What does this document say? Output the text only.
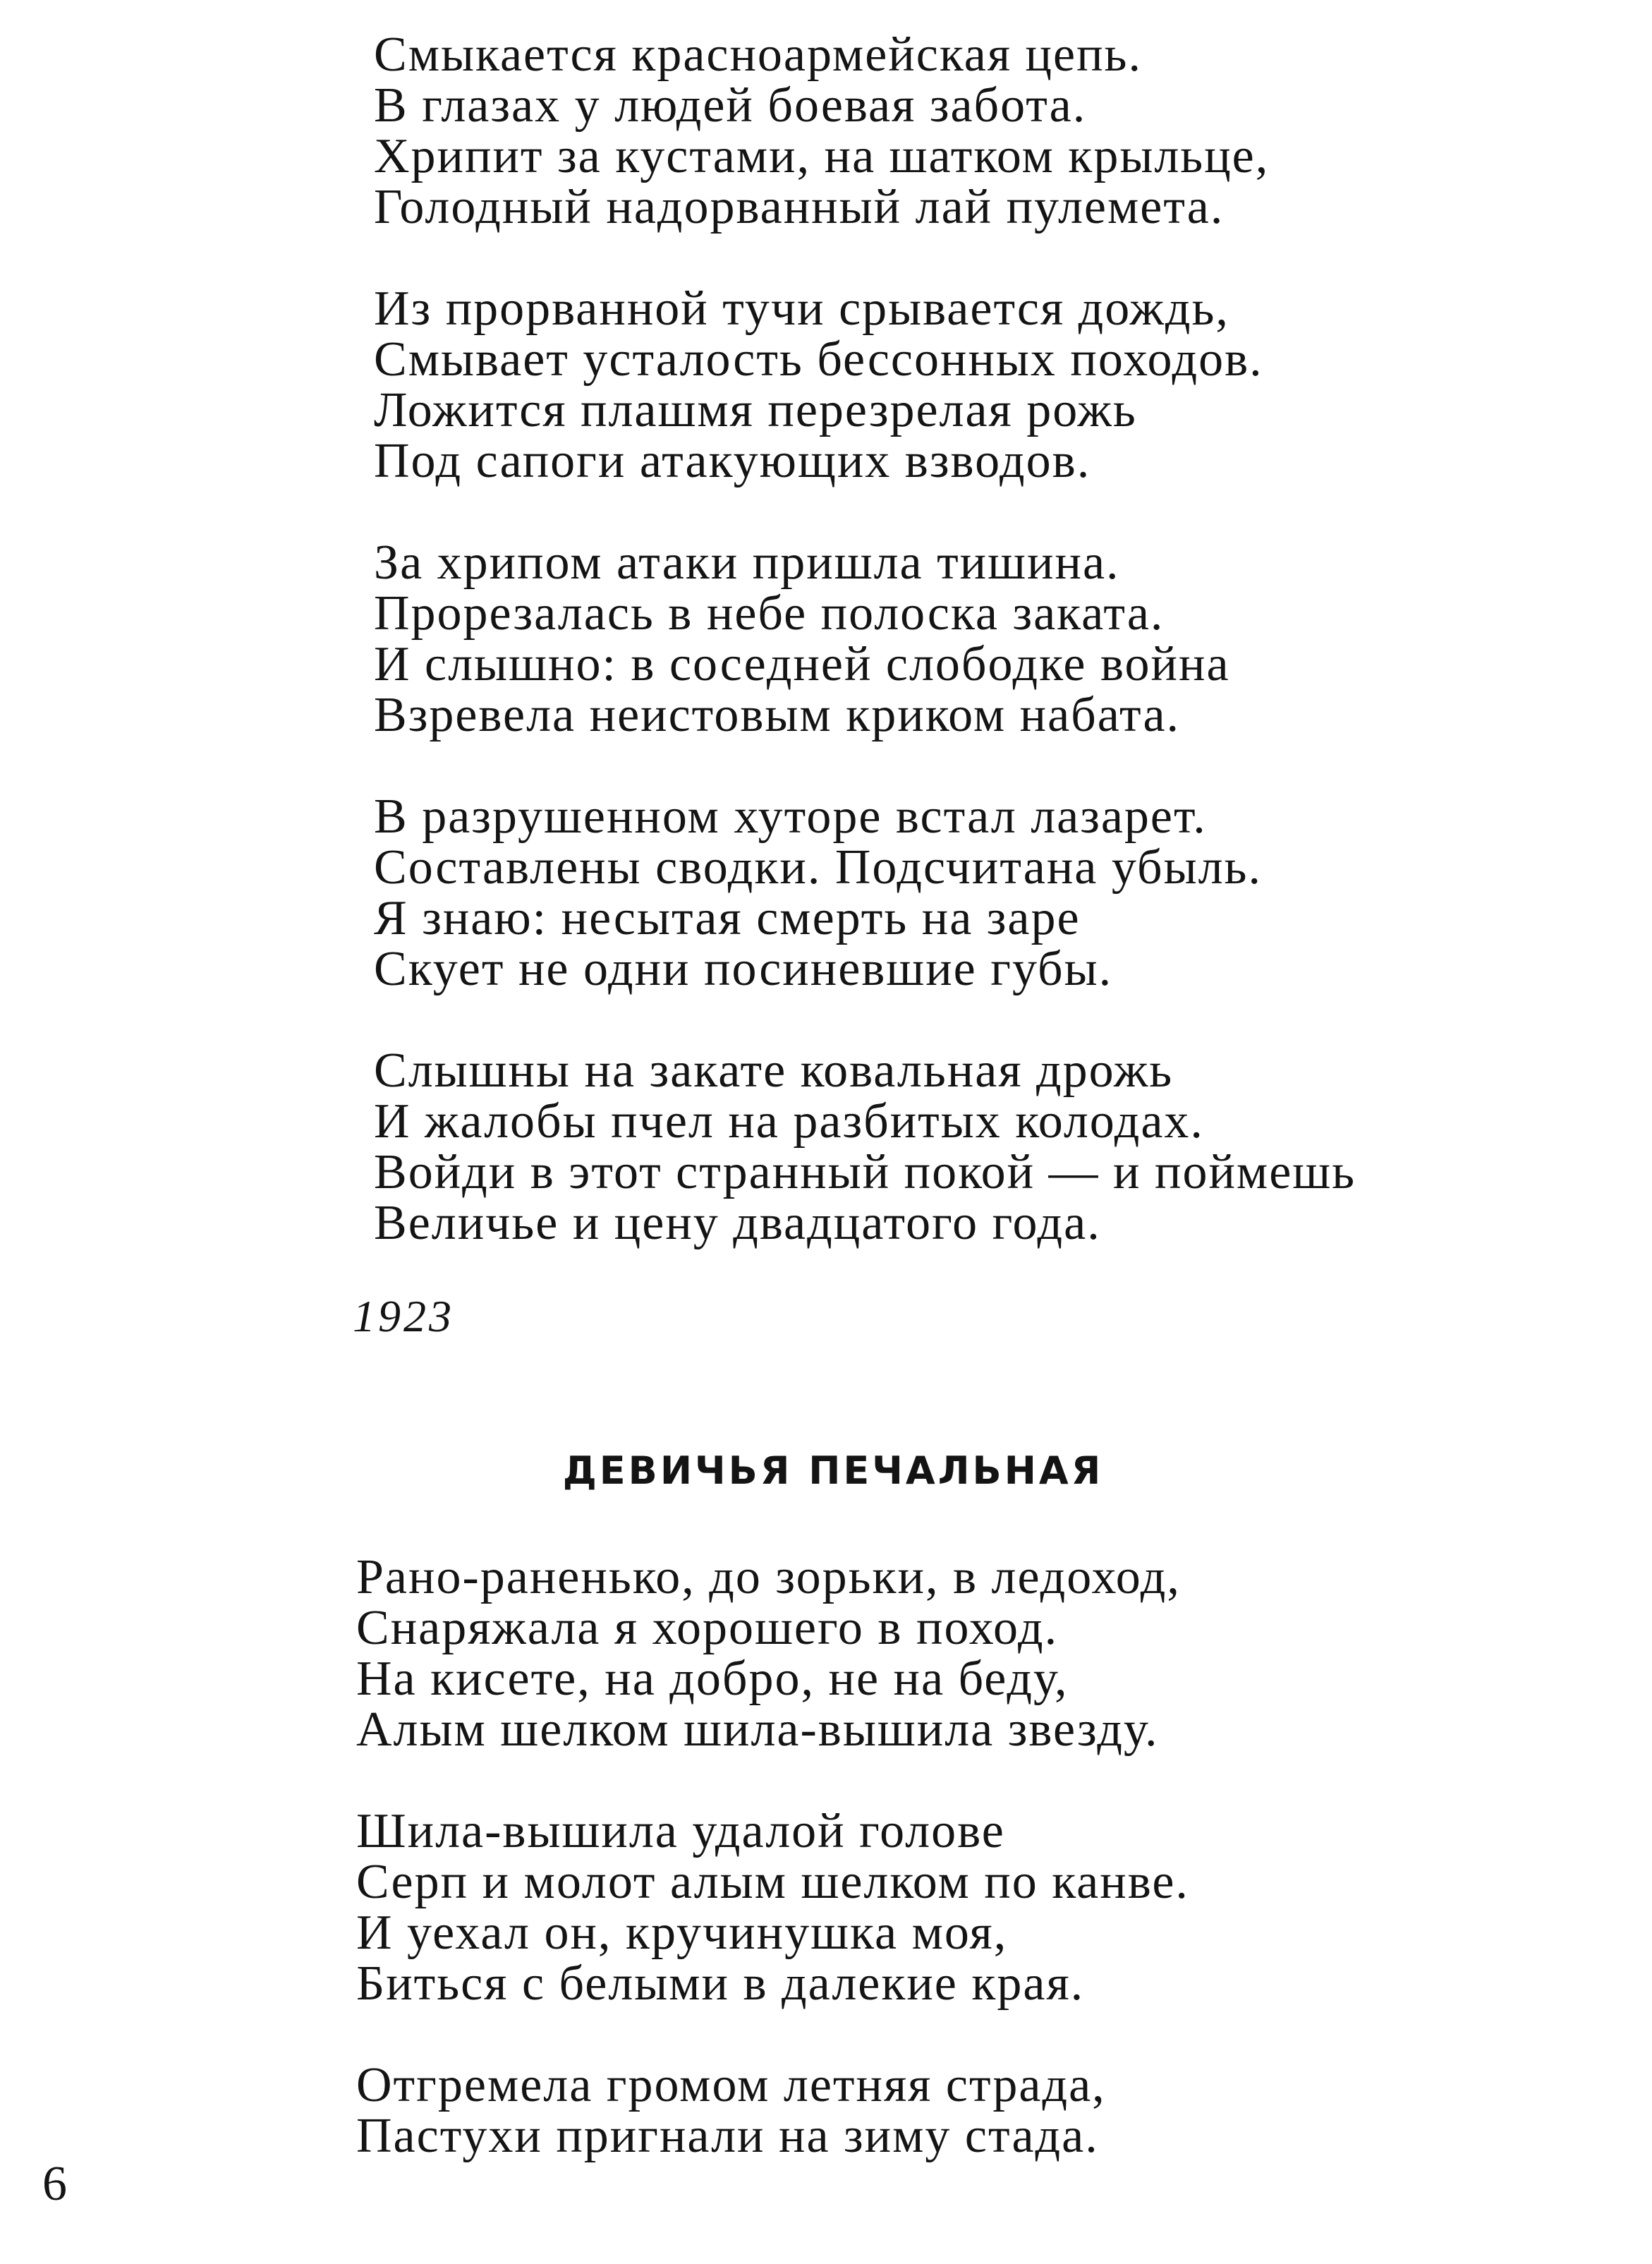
Смыкается красноармейская цепь.
В глазах у людей боевая забота.
Хрипит за кустами, на шатком крыльце,
Голодный надорванный лай пулемета.
Из прорванной тучи срывается дождь,
Смывает усталость бессонных походов.
Ложится плашмя перезрелая рожь
Под сапоги атакующих взводов.
За хрипом атаки пришла тишина.
Прорезалась в небе полоска заката.
И слышно: в соседней слободке война
Взревела неистовым криком набата.
В разрушенном хуторе встал лазарет.
Составлены сводки. Подсчитана убыль.
Я знаю: несытая смерть на заре
Скует не одни посиневшие губы.
Слышны на закате ковальная дрожь
И жалобы пчел на разбитых колодах.
Войди в этот странный покой — и поймешь
Величье и цену двадцатого года.
1923
ДЕВИЧЬЯ ПЕЧАЛЬНАЯ
Рано-раненько, до зорьки, в ледоход,
Снаряжала я хорошего в поход.
На кисете, на добро, не на беду,
Алым шелком шила-вышила звезду.
Шила-вышила удалой голове
Серп и молот алым шелком по канве.
И уехал он, кручинушка моя,
Биться с белыми в далекие края.
Отгремела громом летняя страда,
Пастухи пригнали на зиму стада.
6
